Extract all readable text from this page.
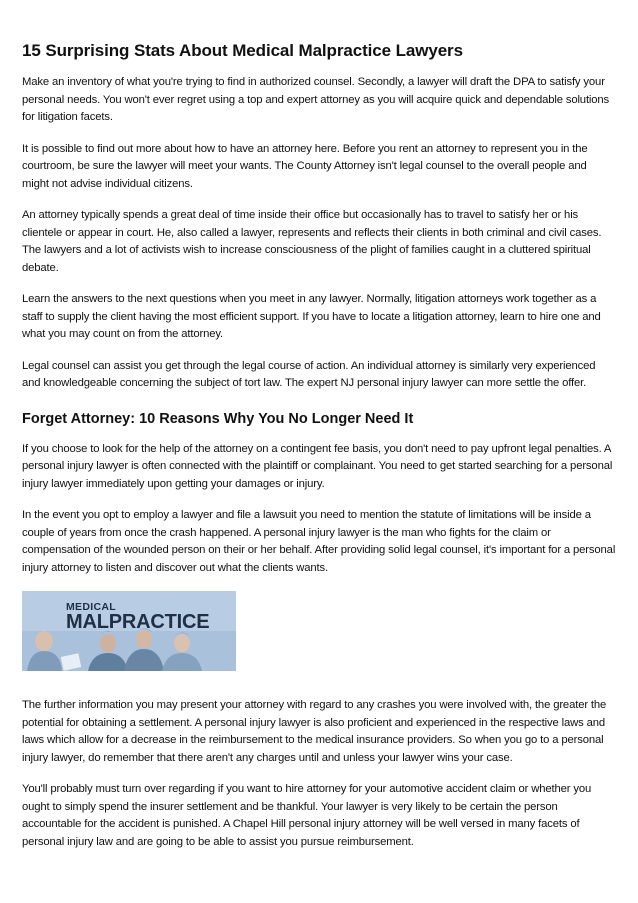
15 Surprising Stats About Medical Malpractice Lawyers

Make an inventory of what you're trying to find in authorized counsel. Secondly, a lawyer will draft the DPA to satisfy your personal needs. You won't ever regret using a top and expert attorney as you will acquire quick and dependable solutions for litigation facets.

It is possible to find out more about how to have an attorney here. Before you rent an attorney to represent you in the courtroom, be sure the lawyer will meet your wants. The County Attorney isn't legal counsel to the overall people and might not advise individual citizens.

An attorney typically spends a great deal of time inside their office but occasionally has to travel to satisfy her or his clientele or appear in court. He, also called a lawyer, represents and reflects their clients in both criminal and civil cases. The lawyers and a lot of activists wish to increase consciousness of the plight of families caught in a cluttered spiritual debate.

Learn the answers to the next questions when you meet in any lawyer. Normally, litigation attorneys work together as a staff to supply the client having the most efficient support. If you have to locate a litigation attorney, learn to hire one and what you may count on from the attorney.

Legal counsel can assist you get through the legal course of action. An individual attorney is similarly very experienced and knowledgeable concerning the subject of tort law. The expert NJ personal injury lawyer can more settle the offer.

Forget Attorney: 10 Reasons Why You No Longer Need It

If you choose to look for the help of the attorney on a contingent fee basis, you don't need to pay upfront legal penalties. A personal injury lawyer is often connected with the plaintiff or complainant. You need to get started searching for a personal injury lawyer immediately upon getting your damages or injury.

In the event you opt to employ a lawyer and file a lawsuit you need to mention the statute of limitations will be inside a couple of years from once the crash happened. A personal injury lawyer is the man who fights for the claim or compensation of the wounded person on their or her behalf. After providing solid legal counsel, it's important for a personal injury attorney to listen and discover out what the clients wants.

MEDICAL
MALPRACTICE

The further information you may present your attorney with regard to any crashes you were involved with, the greater the potential for obtaining a settlement. A personal injury lawyer is also proficient and experienced in the respective laws and laws which allow for a decrease in the reimbursement to the medical insurance providers. So when you go to a personal injury lawyer, do remember that there aren't any charges until and unless your lawyer wins your case.

You'll probably must turn over regarding if you want to hire attorney for your automotive accident claim or whether you ought to simply spend the insurer settlement and be thankful. Your lawyer is very likely to be certain the person accountable for the accident is punished. A Chapel Hill personal injury attorney will be well versed in many facets of personal injury law and are going to be able to assist you pursue reimbursement.
